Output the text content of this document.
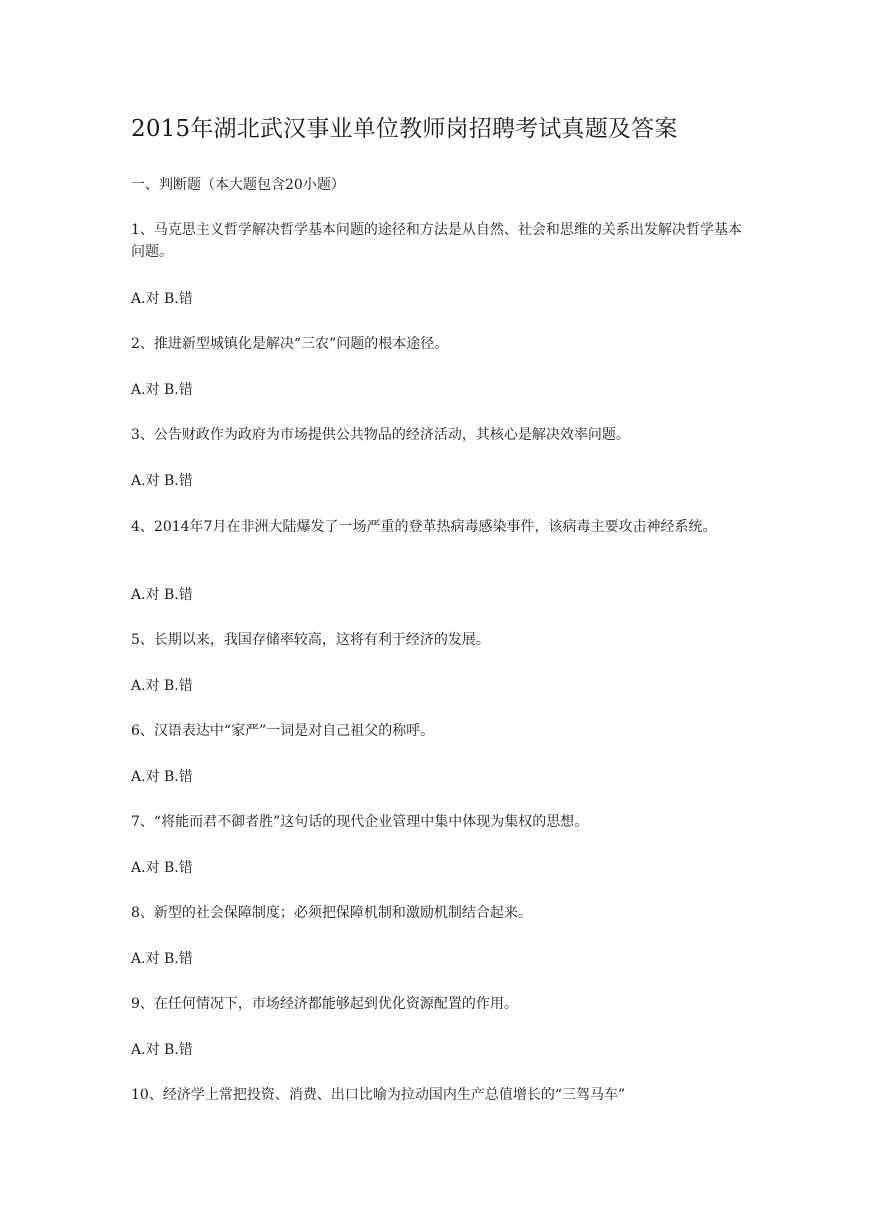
2015年湖北武汉事业单位教师岗招聘考试真题及答案
一、判断题（本大题包含20小题）
1、马克思主义哲学解决哲学基本问题的途径和方法是从自然、社会和思维的关系出发解决哲学基本问题。
A.对 B.错
2、推进新型城镇化是解决“三农”问题的根本途径。
A.对 B.错
3、公告财政作为政府为市场提供公共物品的经济活动，其核心是解决效率问题。
A.对 B.错
4、2014年7月在非洲大陆爆发了一场严重的登革热病毒感染事件，该病毒主要攻击神经系统。
A.对 B.错
5、长期以来，我国存储率较高，这将有利于经济的发展。
A.对 B.错
6、汉语表达中“家严”一词是对自己祖父的称呼。
A.对 B.错
7、“将能而君不御者胜”这句话的现代企业管理中集中体现为集权的思想。
A.对 B.错
8、新型的社会保障制度；必须把保障机制和激励机制结合起来。
A.对 B.错
9、在任何情况下，市场经济都能够起到优化资源配置的作用。
A.对 B.错
10、经济学上常把投资、消费、出口比喻为拉动国内生产总值增长的“三驾马车”
